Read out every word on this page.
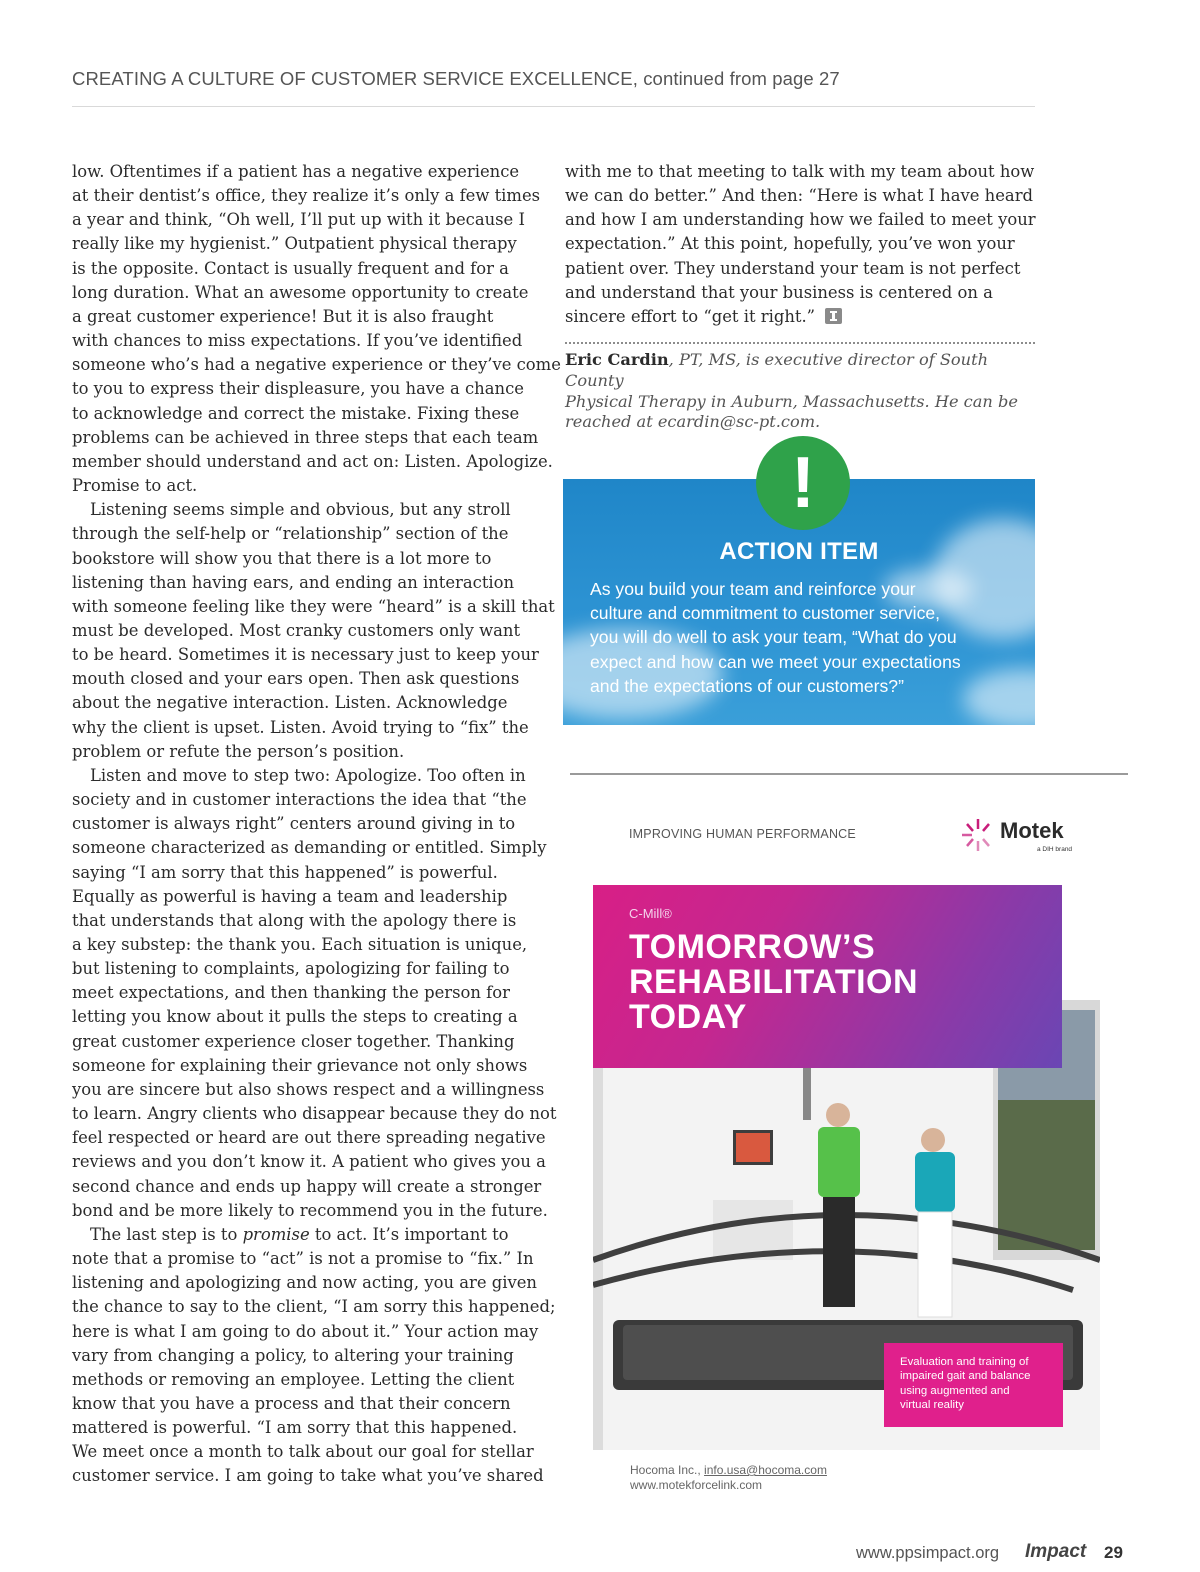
CREATING A CULTURE OF CUSTOMER SERVICE EXCELLENCE, continued from page 27
low. Oftentimes if a patient has a negative experience
at their dentist’s office, they realize it’s only a few times
a year and think, “Oh well, I’ll put up with it because I
really like my hygienist.” Outpatient physical therapy
is the opposite. Contact is usually frequent and for a
long duration. What an awesome opportunity to create
a great customer experience! But it is also fraught
with chances to miss expectations. If you’ve identified
someone who’s had a negative experience or they’ve come
to you to express their displeasure, you have a chance
to acknowledge and correct the mistake. Fixing these
problems can be achieved in three steps that each team
member should understand and act on: Listen. Apologize.
Promise to act.
Listening seems simple and obvious, but any stroll
through the self-help or “relationship” section of the
bookstore will show you that there is a lot more to
listening than having ears, and ending an interaction
with someone feeling like they were “heard” is a skill that
must be developed. Most cranky customers only want
to be heard. Sometimes it is necessary just to keep your
mouth closed and your ears open. Then ask questions
about the negative interaction. Listen. Acknowledge
why the client is upset. Listen. Avoid trying to “fix” the
problem or refute the person’s position.
Listen and move to step two: Apologize. Too often in
society and in customer interactions the idea that “the
customer is always right” centers around giving in to
someone characterized as demanding or entitled. Simply
saying “I am sorry that this happened” is powerful.
Equally as powerful is having a team and leadership
that understands that along with the apology there is
a key substep: the thank you. Each situation is unique,
but listening to complaints, apologizing for failing to
meet expectations, and then thanking the person for
letting you know about it pulls the steps to creating a
great customer experience closer together. Thanking
someone for explaining their grievance not only shows
you are sincere but also shows respect and a willingness
to learn. Angry clients who disappear because they do not
feel respected or heard are out there spreading negative
reviews and you don’t know it. A patient who gives you a
second chance and ends up happy will create a stronger
bond and be more likely to recommend you in the future.
The last step is to promise to act. It’s important to
note that a promise to “act” is not a promise to “fix.” In
listening and apologizing and now acting, you are given
the chance to say to the client, “I am sorry this happened;
here is what I am going to do about it.” Your action may
vary from changing a policy, to altering your training
methods or removing an employee. Letting the client
know that you have a process and that their concern
mattered is powerful. “I am sorry that this happened.
We meet once a month to talk about our goal for stellar
customer service. I am going to take what you’ve shared
with me to that meeting to talk with my team about how
we can do better.” And then: “Here is what I have heard
and how I am understanding how we failed to meet your
expectation.” At this point, hopefully, you’ve won your
patient over. They understand your team is not perfect
and understand that your business is centered on a
sincere effort to “get it right.”
Eric Cardin, PT, MS, is executive director of South County
Physical Therapy in Auburn, Massachusetts. He can be
reached at ecardin@sc-pt.com.
!
ACTION ITEM
As you build your team and reinforce your
culture and commitment to customer service,
you will do well to ask your team, “What do you
expect and how can we meet your expectations
and the expectations of our customers?”
IMPROVING HUMAN PERFORMANCE	Motek
a DIH brand
C-Mill®
TOMORROW’S
REHABILITATION
TODAY
Evaluation and training of
impaired gait and balance
using augmented and
virtual reality
Hocoma Inc., info.usa@hocoma.com
www.motekforcelink.com
www.ppsimpact.org Impact 29
